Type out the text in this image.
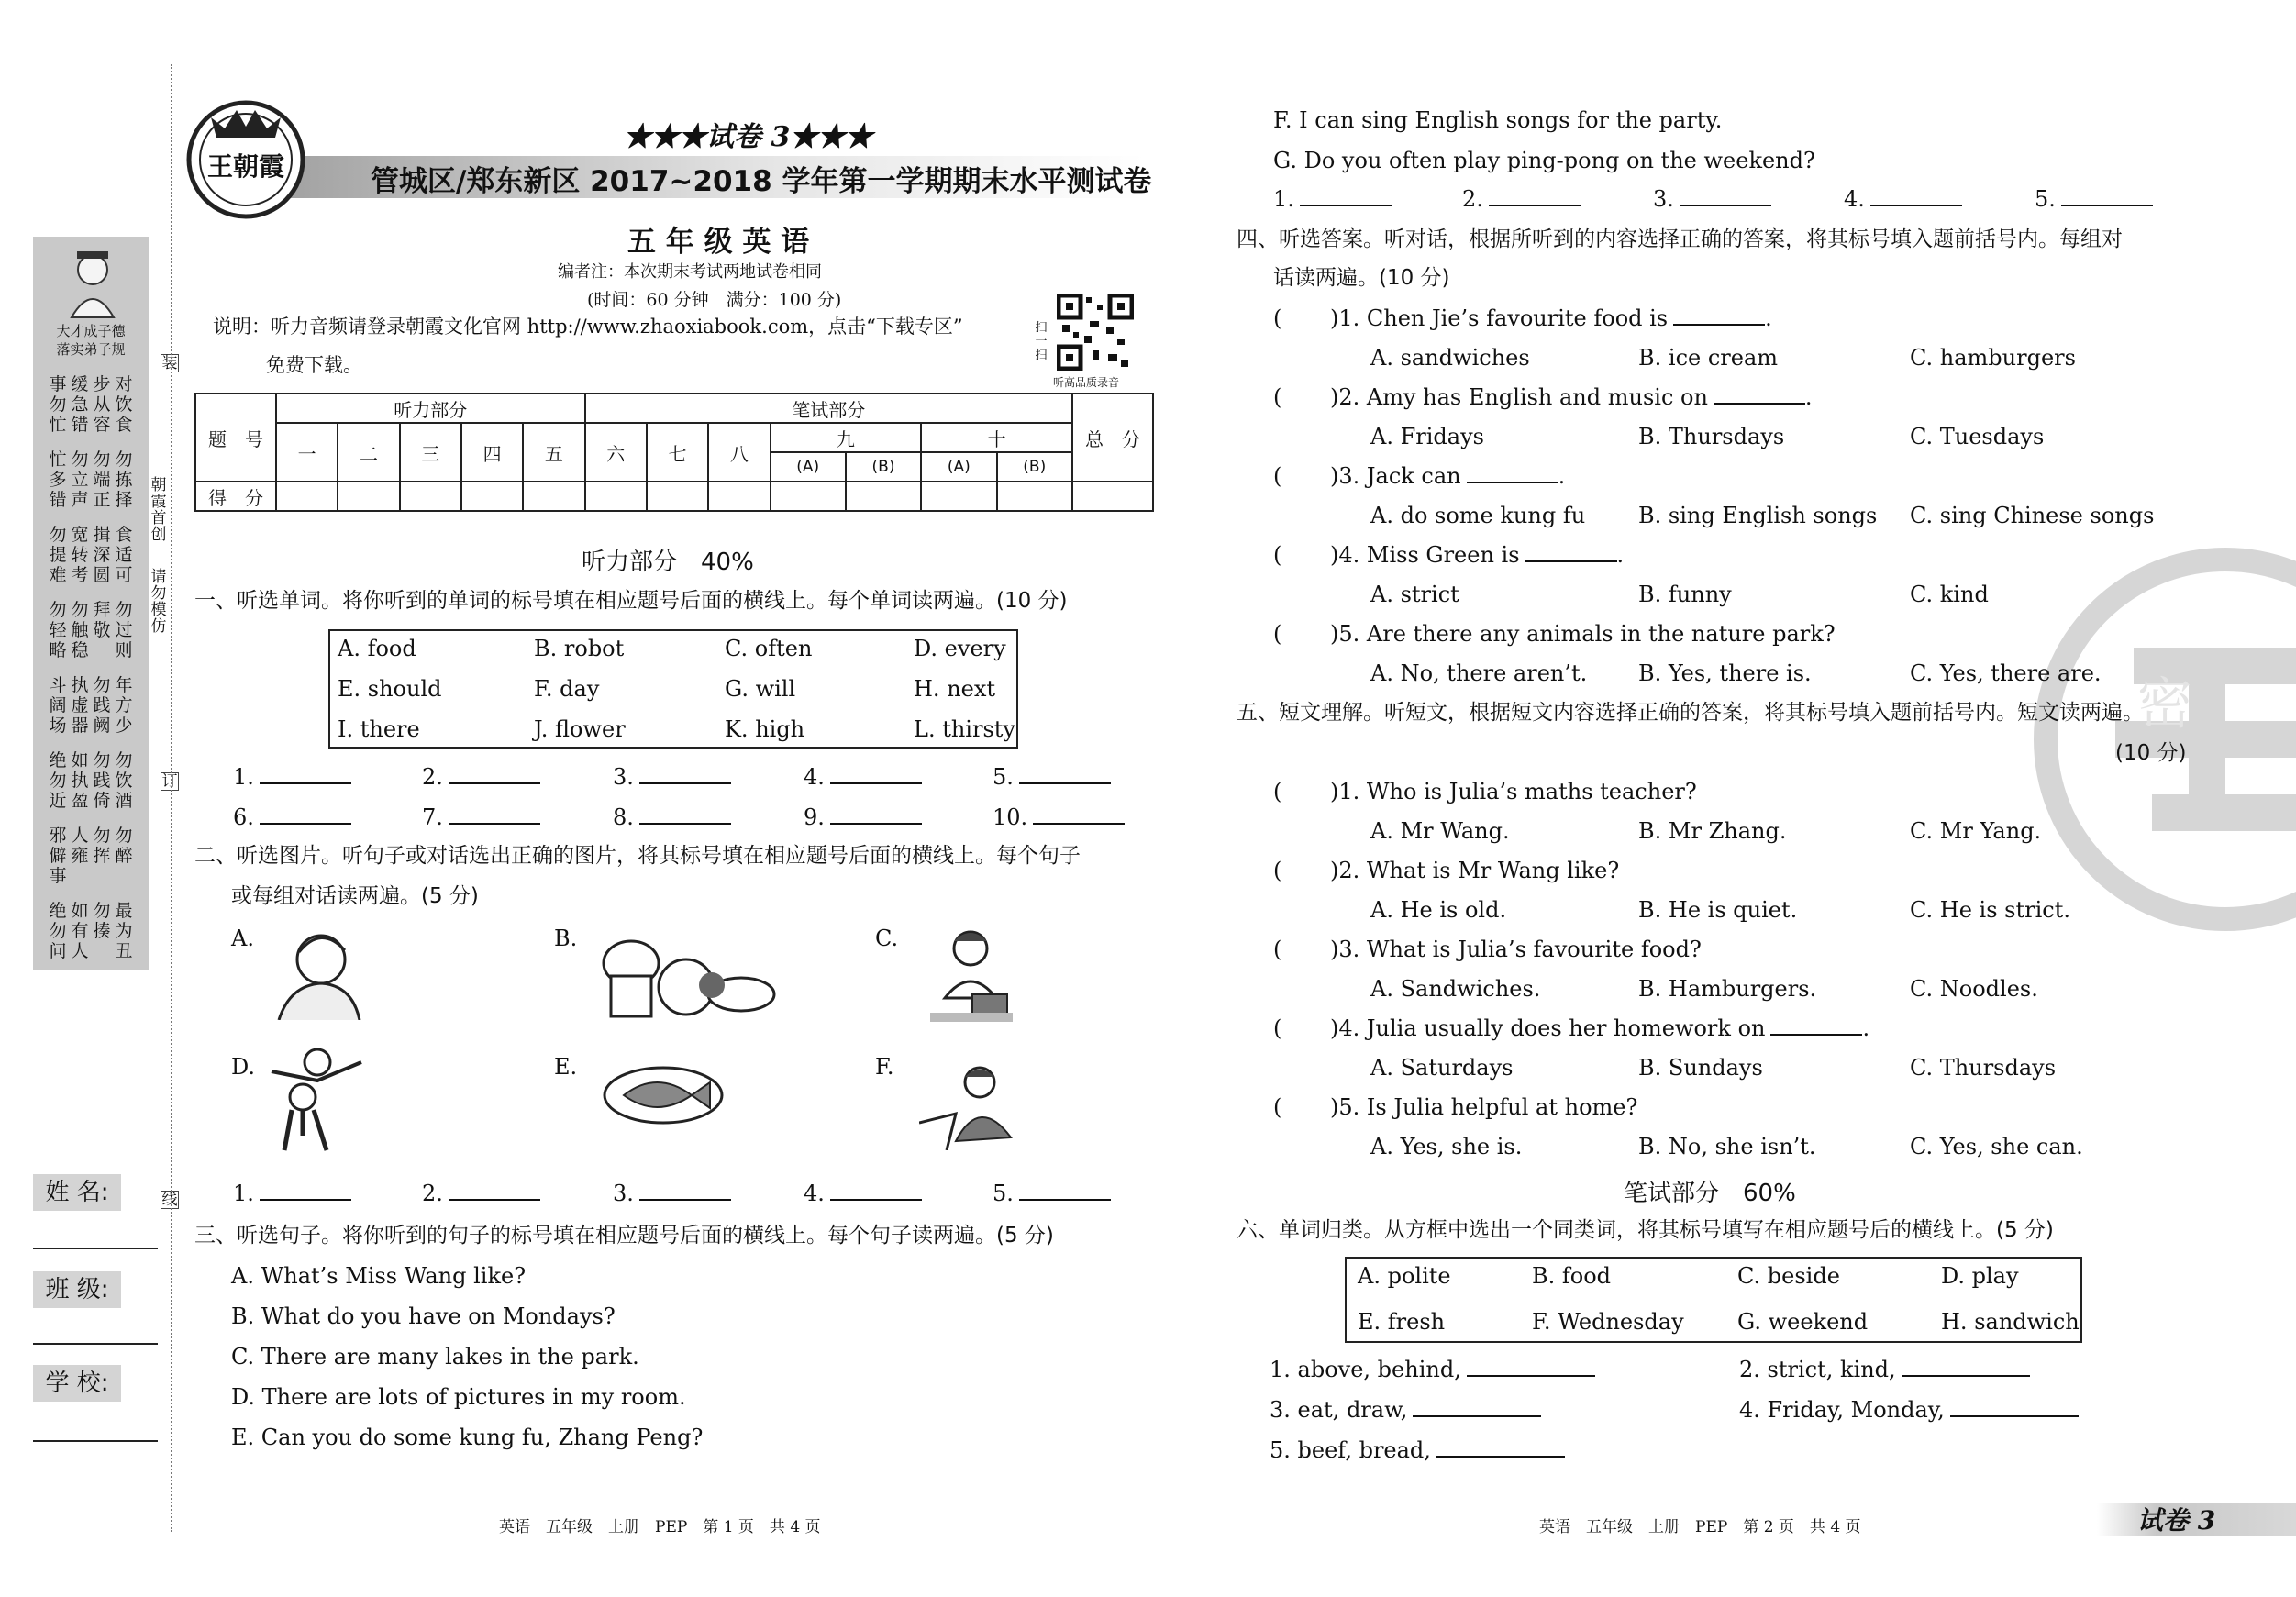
大才成子德
落实弟子规
事勿忙
缓急错
步从容
对饮食
忙多错
勿立声
勿端正
勿拣择
勿提难
宽转考
揖深圆
食适可
勿轻略
勿触稳
拜敬
勿过则
斗阔场
执虚器
勿践阙
年方少
绝勿近
如执盈
勿践倚
勿饮酒
邪僻事
人雍
勿挥
勿醉
绝勿问
如有人
勿揍
最为丑
装
朝霞首创
请勿模仿
订
线
姓 名:
班 级:
学 校:
王朝霞
★★★试卷 3★★★
管城区/郑东新区 2017~2018 学年第一学期期末水平测试卷
五 年 级 英 语
编者注：本次期末考试两地试卷相同
(时间：60 分钟　满分：100 分)
说明：听力音频请登录朝霞文化官网 http://www.zhaoxiabook.com，点击“下载专区”
免费下载。
扫一扫
听高品质录音
题　号	听力部分					笔试部分							总　分
	一	二	三	四	五	六	七	八	九		十		
									(A)	(B)	(A)	(B)	
得　分													
听力部分　40%
一、听选单词。将你听到的单词的标号填在相应题号后面的横线上。每个单词读两遍。(10 分)
A. food	B. robot	C. often	D. every
E. should	F. day	G. will	H. next
I. there	J. flower	K. high	L. thirsty
1.	2.	3.	4.	5.
6.	7.	8.	9.	10.
二、听选图片。听句子或对话选出正确的图片，将其标号填在相应题号后面的横线上。每个句子
或每组对话读两遍。(5 分)
A.	B.	C.
D.	E.	F.
1.	2.	3.	4.	5.
三、听选句子。将你听到的句子的标号填在相应题号后面的横线上。每个句子读两遍。(5 分)
A. What’s Miss Wang like?
B. What do you have on Mondays?
C. There are many lakes in the park.
D. There are lots of pictures in my room.
E. Can you do some kung fu, Zhang Peng?
英语　五年级　上册　PEP　第 1 页　共 4 页
密
F. I can sing English songs for the party.
G. Do you often play ping-pong on the weekend?
1.	2.	3.	4.	5.
四、听选答案。听对话，根据所听到的内容选择正确的答案，将其标号填入题前括号内。每组对
话读两遍。(10 分)
( )1. Chen Jie’s favourite food is	.
A. sandwiches	B. ice cream	C. hamburgers
( )2. Amy has English and music on	.
A. Fridays	B. Thursdays	C. Tuesdays
( )3. Jack can	.
A. do some kung fu B. sing English songs C. sing Chinese songs
( )4. Miss Green is	.
A. strict	B. funny	C. kind
( )5. Are there any animals in the nature park?
A. No, there aren’t. B. Yes, there is.	C. Yes, there are.
五、短文理解。听短文，根据短文内容选择正确的答案，将其标号填入题前括号内。短文读两遍。
(10 分)
( )1. Who is Julia’s maths teacher?
A. Mr Wang.	B. Mr Zhang.	C. Mr Yang.
( )2. What is Mr Wang like?
A. He is old.	B. He is quiet.	C. He is strict.
( )3. What is Julia’s favourite food?
A. Sandwiches.	B. Hamburgers.	C. Noodles.
( )4. Julia usually does her homework on	.
A. Saturdays	B. Sundays	C. Thursdays
( )5. Is Julia helpful at home?
A. Yes, she is.	B. No, she isn’t.	C. Yes, she can.
笔试部分　60%
六、单词归类。从方框中选出一个同类词，将其标号填写在相应题号后的横线上。(5 分)
A. polite	B. food	C. beside	D. play
E. fresh	F. Wednesday G. weekend	H. sandwich
1. above, behind,	2. strict, kind,
3. eat, draw,	4. Friday, Monday,
5. beef, bread,
英语　五年级　上册　PEP　第 2 页　共 4 页	试卷 3
